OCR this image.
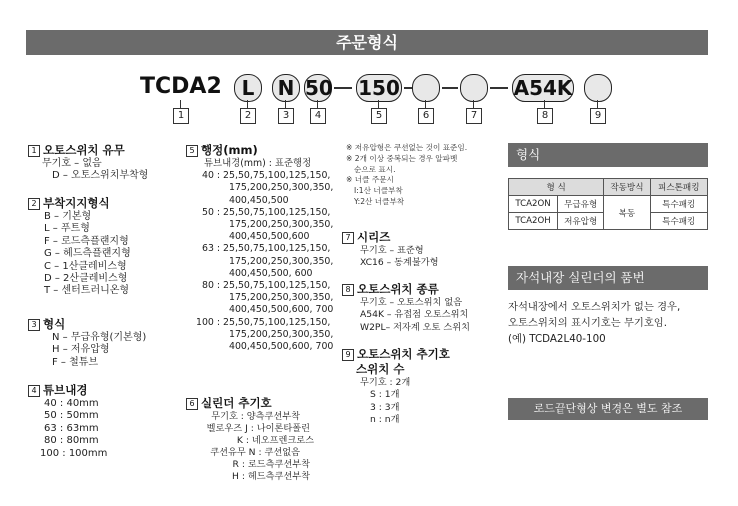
주문형식
TCDA2 L	N 50 150	A54K
1	2	3	4	5	6	7	8	9
1 오토스위치 유무
무기호 – 없음
D – 오토스위치부착형
2 부착지지형식
B – 기본형
L – 푸트형
F – 로드측플랜지형
G – 헤드측플랜지형
C – 1산클레비스형
D – 2산클레비스형
T – 센터트러니온형
3 형식
N – 무급유형(기본형)
H – 저유압형
F – 철튜브
4 튜브내경
40 : 40mm
50 : 50mm
63 : 63mm
80 : 80mm
100 : 100mm
5 행정(mm)
튜브내경(mm) : 표준행정
40 : 25,50,75,100,125,150,
175,200,250,300,350,
400,450,500
50 : 25,50,75,100,125,150,
175,200,250,300,350,
400,450,500,600
63 : 25,50,75,100,125,150,
175,200,250,300,350,
400,450,500, 600
80 : 25,50,75,100,125,150,
175,200,250,300,350,
400,450,500,600, 700
100 : 25,50,75,100,125,150,
175,200,250,300,350,
400,450,500,600, 700
6 실린더 추기호
무기호 : 양측쿠션부착
벨로우즈 J : 나이론타폴린
K : 네오프렌크로스
쿠션유무 N : 쿠션없음
R : 로드측쿠션부착
H : 헤드측쿠션부착
※ 저유압형은 쿠션없는 것이 표준임.
※ 2개 이상 중복되는 경우 알파벳
순으로 표시.
※ 너클 주문시
I:1산 너클부착
Y:2산 너클부착
7 시리즈
무기호 – 표준형
XC16 – 동계불가형
8 오토스위치 종류
무기호 – 오토스위치 없음
A54K – 유접점 오토스위치
W2PL– 저자계 오토 스위치
9 오토스위치 추기호
스위치 수
무기호 : 2개
S : 1개
3 : 3개
n : n개
형식
형 식		작동방식	피스톤패킹
TCA2ON	무급유형	복동	특수패킹
TCA2OH	저유압형		특수패킹
자석내장 실린더의 품번
자석내장에서 오토스위치가 없는 경우,
오토스위치의 표시기호는 무기호임.
(예) TCDA2L40-100
로드끝단형상 변경은 별도 참조
